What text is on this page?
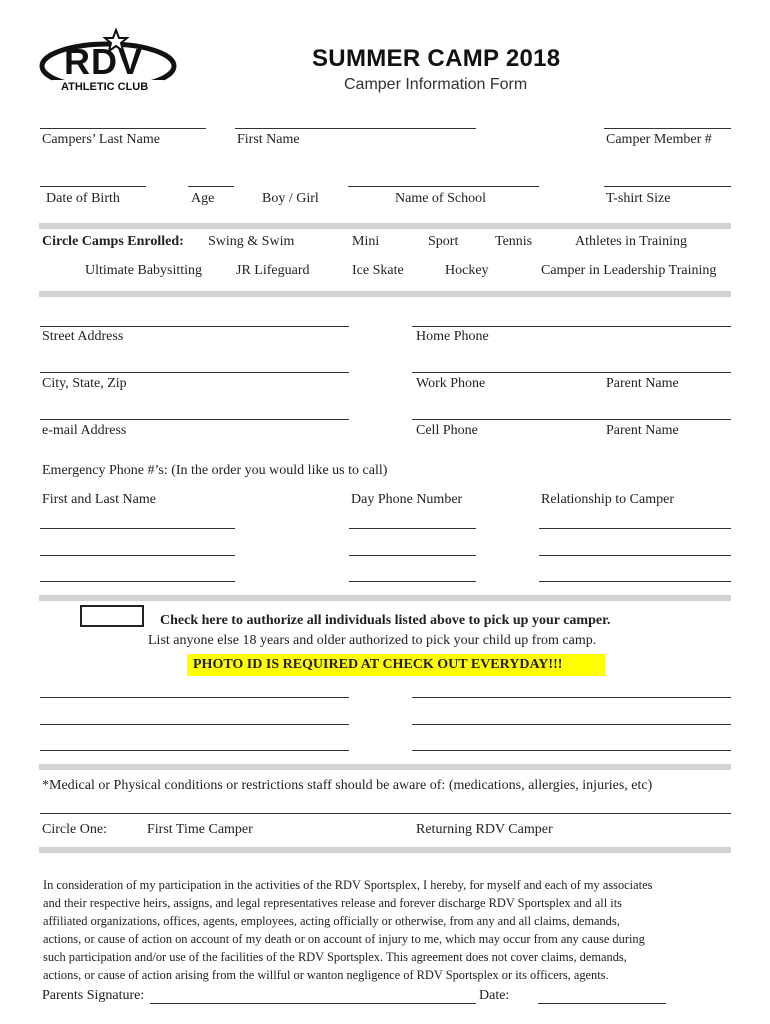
RDV
ATHLETIC CLUB
SUMMER CAMP 2018
Camper Information Form
Campers’ Last Name	First Name	Camper Member #
Date of Birth	Age	Boy / Girl	Name of School	T-shirt Size
Circle Camps Enrolled: Swing & Swim	Mini	Sport	Tennis	Athletes in Training
Ultimate Babysitting JR Lifeguard	Ice Skate	Hockey	Camper in Leadership Training
Street Address	Home Phone
City, State, Zip	Work Phone	Parent Name
e-mail Address	Cell Phone	Parent Name
Emergency Phone #’s: (In the order you would like us to call)
First and Last Name	Day Phone Number	Relationship to Camper
Check here to authorize all individuals listed above to pick up your camper.
List anyone else 18 years and older authorized to pick your child up from camp.
PHOTO ID IS REQUIRED AT CHECK OUT EVERYDAY!!!
*Medical or Physical conditions or restrictions staff should be aware of: (medications, allergies, injuries, etc)
Circle One:	First Time Camper	Returning RDV Camper
In consideration of my participation in the activities of the RDV Sportsplex, I hereby, for myself and each of my associates
and their respective heirs, assigns, and legal representatives release and forever discharge RDV Sportsplex and all its
affiliated organizations, offices, agents, employees, acting officially or otherwise, from any and all claims, demands,
actions, or cause of action on account of my death or on account of injury to me, which may occur from any cause during
such participation and/or use of the facilities of the RDV Sportsplex. This agreement does not cover claims, demands,
actions, or cause of action arising from the willful or wanton negligence of RDV Sportsplex or its officers, agents.
Parents Signature:	Date:
